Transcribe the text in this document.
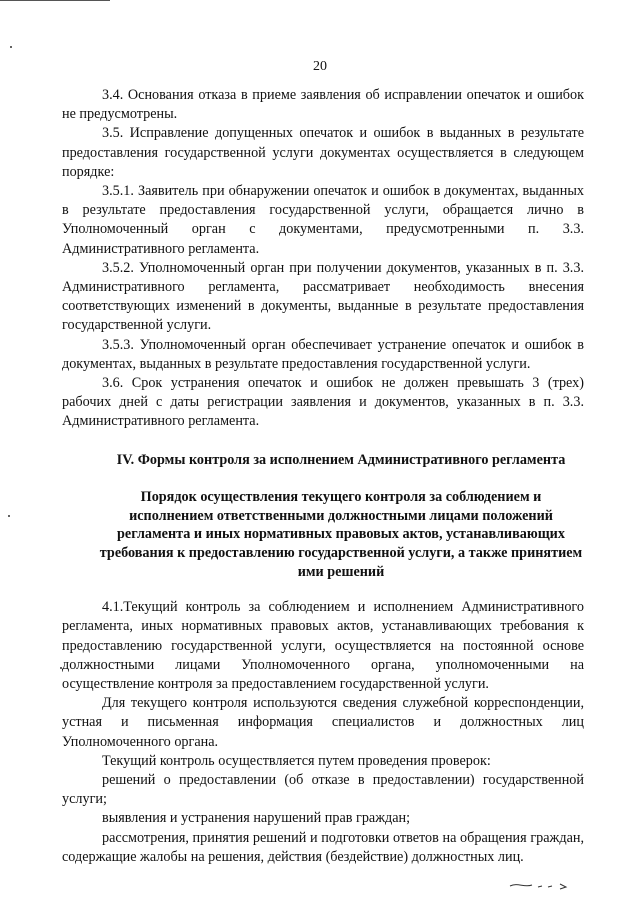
20

3.4. Основания отказа в приеме заявления об исправлении опечаток и ошибок не предусмотрены.

3.5. Исправление допущенных опечаток и ошибок в выданных в результате предоставления государственной услуги документах осуществляется в следующем порядке:

3.5.1. Заявитель при обнаружении опечаток и ошибок в документах, выданных в результате предоставления государственной услуги, обращается лично в Уполномоченный орган с документами, предусмотренными п. 3.3. Административного регламента.

3.5.2. Уполномоченный орган при получении документов, указанных в п. 3.3. Административного регламента, рассматривает необходимость внесения соответствующих изменений в документы, выданные в результате предоставления государственной услуги.

3.5.3. Уполномоченный орган обеспечивает устранение опечаток и ошибок в документах, выданных в результате предоставления государственной услуги.

3.6. Срок устранения опечаток и ошибок не должен превышать 3 (трех) рабочих дней с даты регистрации заявления и документов, указанных в п. 3.3. Административного регламента.

IV. Формы контроля за исполнением Административного регламента

Порядок осуществления текущего контроля за соблюдением и исполнением ответственными должностными лицами положений регламента и иных нормативных правовых актов, устанавливающих требования к предоставлению государственной услуги, а также принятием ими решений

4.1.Текущий контроль за соблюдением и исполнением Административного регламента, иных нормативных правовых актов, устанавливающих требования к предоставлению государственной услуги, осуществляется на постоянной основе должностными лицами Уполномоченного органа, уполномоченными на осуществление контроля за предоставлением государственной услуги.

Для текущего контроля используются сведения служебной корреспонденции, устная и письменная информация специалистов и должностных лиц Уполномоченного органа.

Текущий контроль осуществляется путем проведения проверок:

решений о предоставлении (об отказе в предоставлении) государственной услуги;

выявления и устранения нарушений прав граждан;

рассмотрения, принятия решений и подготовки ответов на обращения граждан, содержащие жалобы на решения, действия (бездействие) должностных лиц.
